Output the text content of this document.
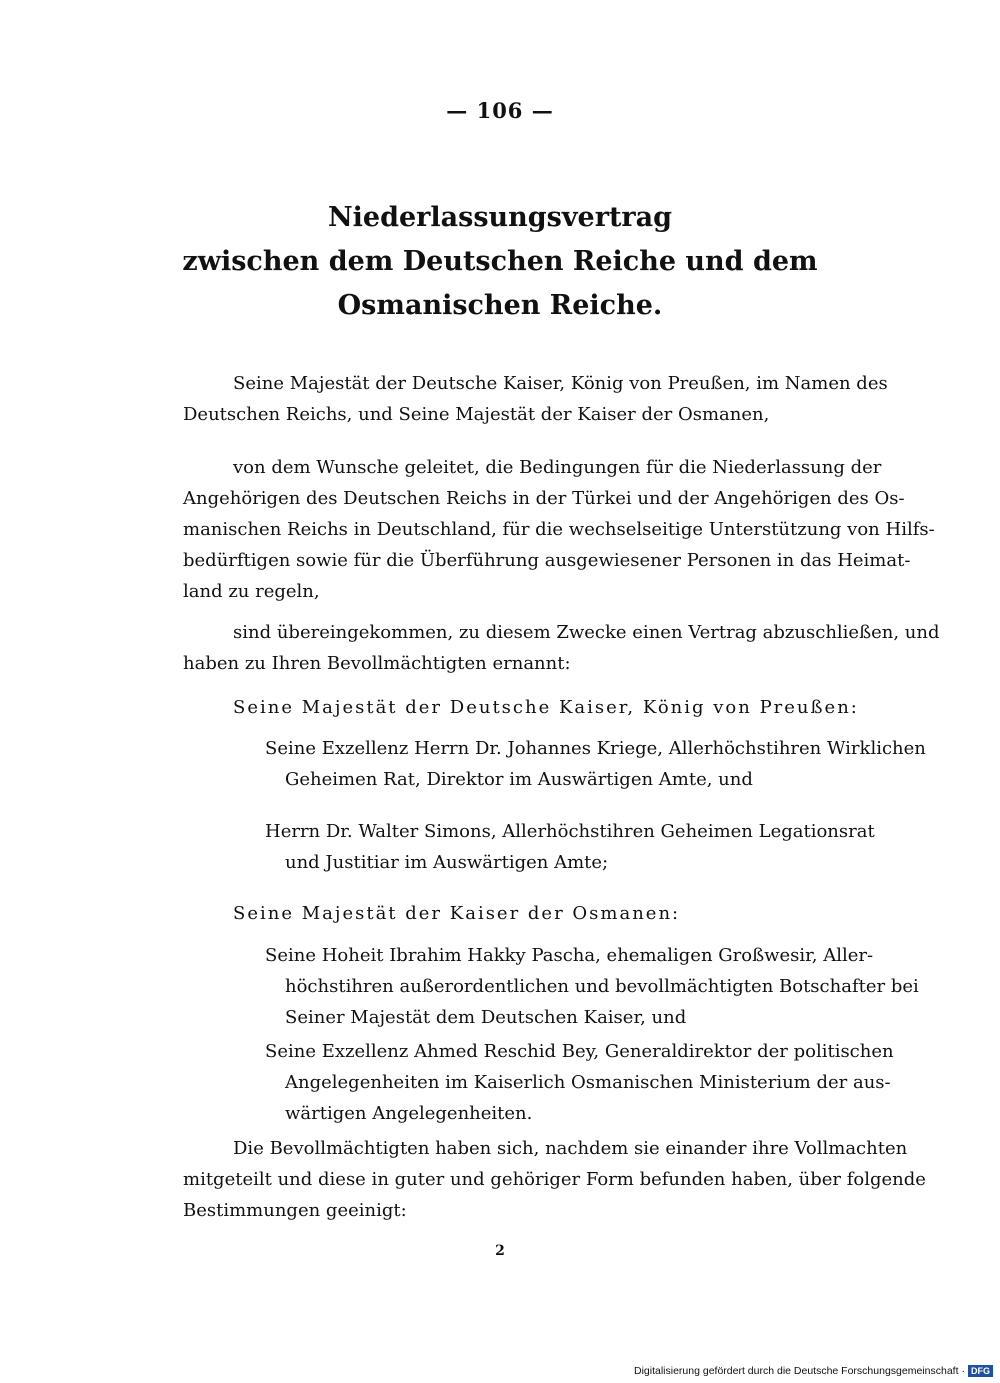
— 106 —
Niederlassungsvertrag
zwischen dem Deutschen Reiche und dem
Osmanischen Reiche.
Seine Majestät der Deutsche Kaiser, König von Preußen, im Namen des
Deutschen Reichs, und Seine Majestät der Kaiser der Osmanen,
von dem Wunsche geleitet, die Bedingungen für die Niederlassung der
Angehörigen des Deutschen Reichs in der Türkei und der Angehörigen des Os-
manischen Reichs in Deutschland, für die wechselseitige Unterstützung von Hilfs-
bedürftigen sowie für die Überführung ausgewiesener Personen in das Heimat-
land zu regeln,
sind übereingekommen, zu diesem Zwecke einen Vertrag abzuschließen, und
haben zu Ihren Bevollmächtigten ernannt:
Seine Majestät der Deutsche Kaiser, König von Preußen:
Seine Exzellenz Herrn Dr. Johannes Kriege, Allerhöchstihren Wirklichen
Geheimen Rat, Direktor im Auswärtigen Amte, und
Herrn Dr. Walter Simons, Allerhöchstihren Geheimen Legationsrat
und Justitiar im Auswärtigen Amte;
Seine Majestät der Kaiser der Osmanen:
Seine Hoheit Ibrahim Hakky Pascha, ehemaligen Großwesir, Aller-
höchstihren außerordentlichen und bevollmächtigten Botschafter bei
Seiner Majestät dem Deutschen Kaiser, und
Seine Exzellenz Ahmed Reschid Bey, Generaldirektor der politischen
Angelegenheiten im Kaiserlich Osmanischen Ministerium der aus-
wärtigen Angelegenheiten.
Die Bevollmächtigten haben sich, nachdem sie einander ihre Vollmachten
mitgeteilt und diese in guter und gehöriger Form befunden haben, über folgende
Bestimmungen geeinigt:
2
Digitalisierung gefördert durch die Deutsche Forschungsgemeinschaft · DFG
